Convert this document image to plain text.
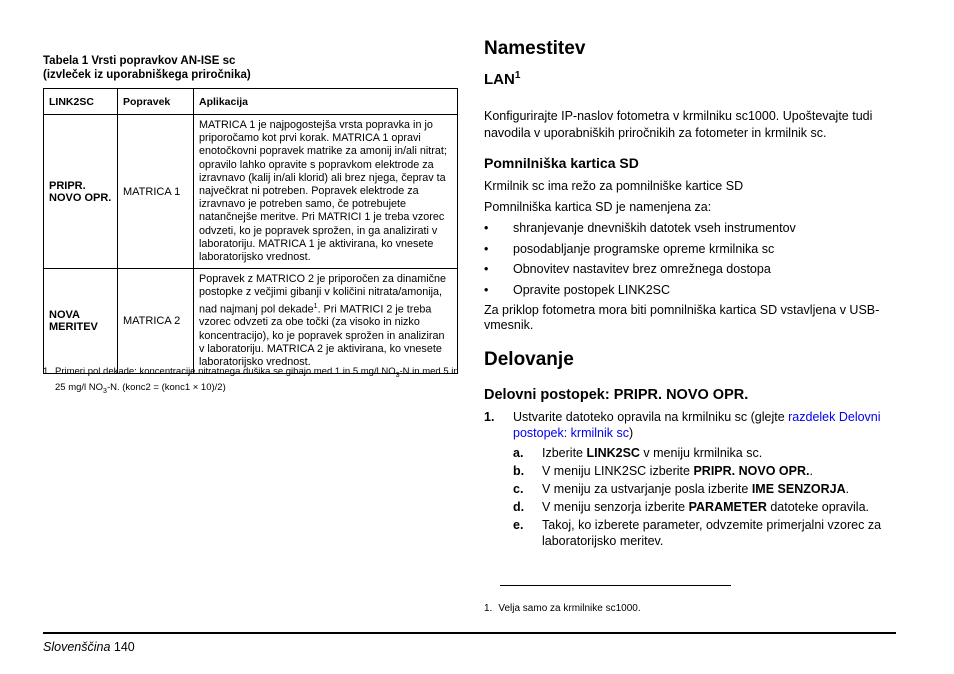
Tabela 1 Vrsti popravkov AN-ISE sc
(izvleček iz uporabniškega priročnika)
LINK2SC	Popravek	Aplikacija
PRIPR. NOVO OPR.	MATRICA 1	MATRICA 1 je najpogostejša vrsta popravka in jo priporočamo kot prvi korak. MATRICA 1 opravi enotočkovni popravek matrike za amonij in/ali nitrat; opravilo lahko opravite s popravkom elektrode za izravnavo (kalij in/ali klorid) ali brez njega, čeprav ta največkrat ni potreben. Popravek elektrode za izravnavo je potreben samo, če potrebujete natančnejše meritve. Pri MATRICI 1 je treba vzorec odvzeti, ko je popravek sprožen, in ga analizirati v laboratoriju. MATRICA 1 je aktivirana, ko vnesete laboratorijsko vrednost.
NOVA MERITEV	MATRICA 2	Popravek z MATRICO 2 je priporočen za dinamične postopke z večjimi gibanji v količini nitrata/amonija, nad najmanj pol dekade$^1$. Pri MATRICI 2 je treba vzorec odvzeti za obe točki (za visoko in nizko koncentracijo), ko je popravek sprožen in analiziran v laboratoriju. MATRICA 2 je aktivirana, ko vnesete laboratorijsko vrednost.
1 Primeri pol dekade: koncentracije nitratnega dušika se gibajo med 1 in 5 mg/l $NO_3-N$ in med 5 in 25 mg/l $NO_3-N$. (konc2 = (konc1 × 10)/2)
Namestitev
LAN$^1$

Konfigurirajte IP-naslov fotometra v krmilniku sc1000. Upoštevajte tudi navodila v uporabniških priročnikih za fotometer in krmilnik sc.

Pomnilniška kartica SD

Krmilnik sc ima režo za pomnilniške kartice SD

Pomnilniška kartica SD je namenjena za:

•	shranjevanje dnevniških datotek vseh instrumentov
•	posodabljanje programske opreme krmilnika sc
•	Obnovitev nastavitev brez omrežnega dostopa
•	Opravite postopek LINK2SC

Za priklop fotometra mora biti pomnilniška kartica SD vstavljena v USB-vmesnik.

Delovanje
Delovni postopek: PRIPR. NOVO OPR.
1.	Ustvarite datoteko opravila na krmilniku sc (glejte razdelek Delovni postopek: krmilnik sc)
a.	Izberite LINK2SC v meniju krmilnika sc.
b.	V meniju LINK2SC izberite PRIPR. NOVO OPR..
c.	V meniju za ustvarjanje posla izberite IME SENZORJA.
d.	V meniju senzorja izberite PARAMETER datoteke opravila.
e.	Takoj, ko izberete parameter, odvzemite primerjalni vzorec za laboratorijsko meritev.
1. Velja samo za krmilnike sc1000.
Slovenščina 140
